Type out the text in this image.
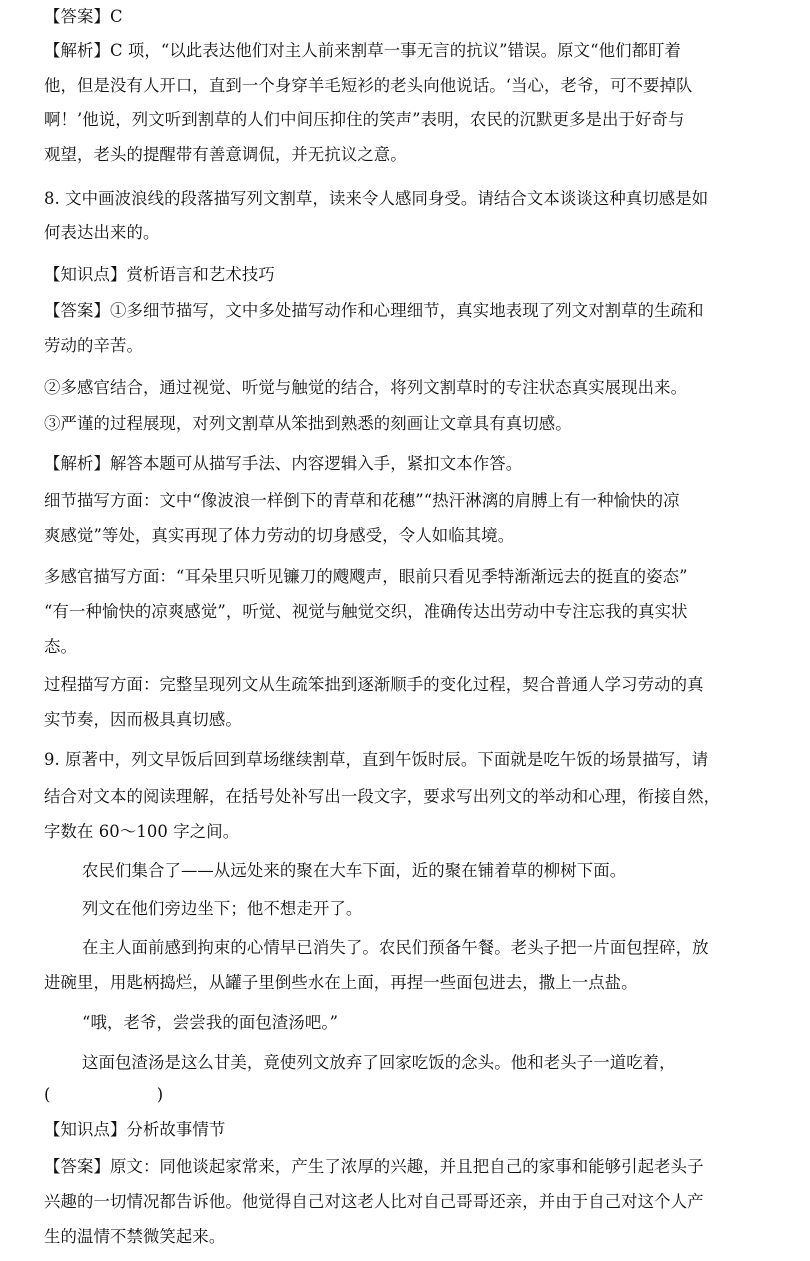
【答案】C
【解析】C 项，“以此表达他们对主人前来割草一事无言的抗议”错误。原文“他们都盯着
他，但是没有人开口，直到一个身穿羊毛短衫的老头向他说话。‘当心，老爷，可不要掉队
啊！’他说，列文听到割草的人们中间压抑住的笑声”表明，农民的沉默更多是出于好奇与
观望，老头的提醒带有善意调侃，并无抗议之意。
8. 文中画波浪线的段落描写列文割草，读来令人感同身受。请结合文本谈谈这种真切感是如
何表达出来的。
【知识点】赏析语言和艺术技巧
【答案】①多细节描写，文中多处描写动作和心理细节，真实地表现了列文对割草的生疏和
劳动的辛苦。
②多感官结合，通过视觉、听觉与触觉的结合，将列文割草时的专注状态真实展现出来。
③严谨的过程展现，对列文割草从笨拙到熟悉的刻画让文章具有真切感。
【解析】解答本题可从描写手法、内容逻辑入手，紧扣文本作答。
细节描写方面：文中“像波浪一样倒下的青草和花穗”“热汗淋漓的肩膊上有一种愉快的凉
爽感觉”等处，真实再现了体力劳动的切身感受，令人如临其境。
多感官描写方面：“耳朵里只听见镰刀的飕飕声，眼前只看见季特渐渐远去的挺直的姿态”
“有一种愉快的凉爽感觉”，听觉、视觉与触觉交织，准确传达出劳动中专注忘我的真实状
态。
过程描写方面：完整呈现列文从生疏笨拙到逐渐顺手的变化过程，契合普通人学习劳动的真
实节奏，因而极具真切感。
9. 原著中，列文早饭后回到草场继续割草，直到午饭时辰。下面就是吃午饭的场景描写，请
结合对文本的阅读理解，在括号处补写出一段文字，要求写出列文的举动和心理，衔接自然，
字数在 60～100 字之间。
农民们集合了——从远处来的聚在大车下面，近的聚在铺着草的柳树下面。
列文在他们旁边坐下；他不想走开了。
在主人面前感到拘束的心情早已消失了。农民们预备午餐。老头子把一片面包捏碎，放
进碗里，用匙柄捣烂，从罐子里倒些水在上面，再捏一些面包进去，撒上一点盐。
“哦，老爷，尝尝我的面包渣汤吧。”
这面包渣汤是这么甘美，竟使列文放弃了回家吃饭的念头。他和老头子一道吃着，
(                    )
【知识点】分析故事情节
【答案】原文：同他谈起家常来，产生了浓厚的兴趣，并且把自己的家事和能够引起老头子
兴趣的一切情况都告诉他。他觉得自己对这老人比对自己哥哥还亲，并由于自己对这个人产
生的温情不禁微笑起来。
